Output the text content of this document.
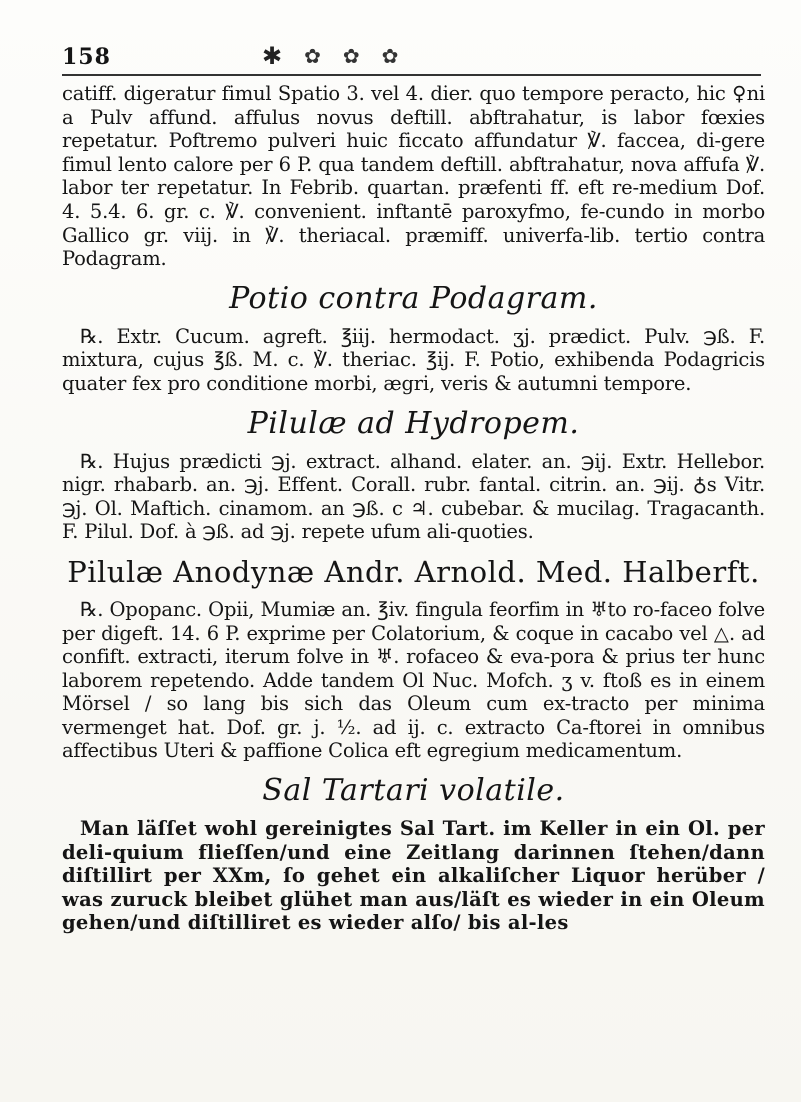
158	✱ ✿ ✿ ✿

catiff. digeratur fimul Spatio 3. vel 4. dier. quo tempore peracto, hic ♀ni a Pulv affund. affulus novus deftill. abftrahatur, is labor fœxies repetatur. Poftremo pulveri huic ficcato affundatur ℣. faccea, di-gere fimul lento calore per 6 P. qua tandem deftill. abftrahatur, nova affufa ℣. labor ter repetatur. In Febrib. quartan. præfenti ff. eft re-medium Dof. 4. 5.4. 6. gr. c. ℣. convenient. inftantē paroxyfmo, fe-cundo in morbo Gallico gr. viij. in ℣. theriacal. præmiff. univerfa-lib. tertio contra Podagram.

Potio contra Podagram.

℞. Extr. Cucum. agreft. ℥iij. hermodact. ʒj. prædict. Pulv. ℈ß. F. mixtura, cujus ℥ß. M. c. ℣. theriac. ℥ij. F. Potio, exhibenda Podagricis quater fex pro conditione morbi, ægri, veris & autumni tempore.

Pilulæ ad Hydropem.

℞. Hujus prædicti ℈j. extract. alhand. elater. an. ℈ij. Extr. Hellebor. nigr. rhabarb. an. ℈j. Effent. Corall. rubr. fantal. citrin. an. ℈ij. ♁s Vitr. ℈j. Ol. Maftich. cinamom. an ℈ß. c ♃. cubebar. & mucilag. Tragacanth. F. Pilul. Dof. à ℈ß. ad ℈j. repete ufum ali-quoties.

Pilulæ Anodynæ Andr. Arnold. Med. Halberft.

℞. Opopanc. Opii, Mumiæ an. ℥iv. fingula feorfim in ♅to ro-faceo folve per digeft. 14. 6 P. exprime per Colatorium, & coque in cacabo vel △. ad confift. extracti, iterum folve in ♅. rofaceo & eva-pora & prius ter hunc laborem repetendo. Adde tandem Ol Nuc. Mofch. ʒ v. ftoß es in einem Mörsel / so lang bis sich das Oleum cum ex-tracto per minima vermenget hat. Dof. gr. j. ½. ad ij. c. extracto Ca-ftorei in omnibus affectibus Uteri & paffione Colica eft egregium medicamentum.

Sal Tartari volatile.

Man läſſet wohl gereinigtes Sal Tart. im Keller in ein Ol. per deli-quium flieſſen/und eine Zeitlang darinnen ſtehen/dann diſtillirt per XXm, ſo gehet ein alkaliſcher Liquor herüber / was zuruck bleibet glühet man aus/läſt es wieder in ein Oleum gehen/und diſtilliret es wieder alſo/ bis al-les
